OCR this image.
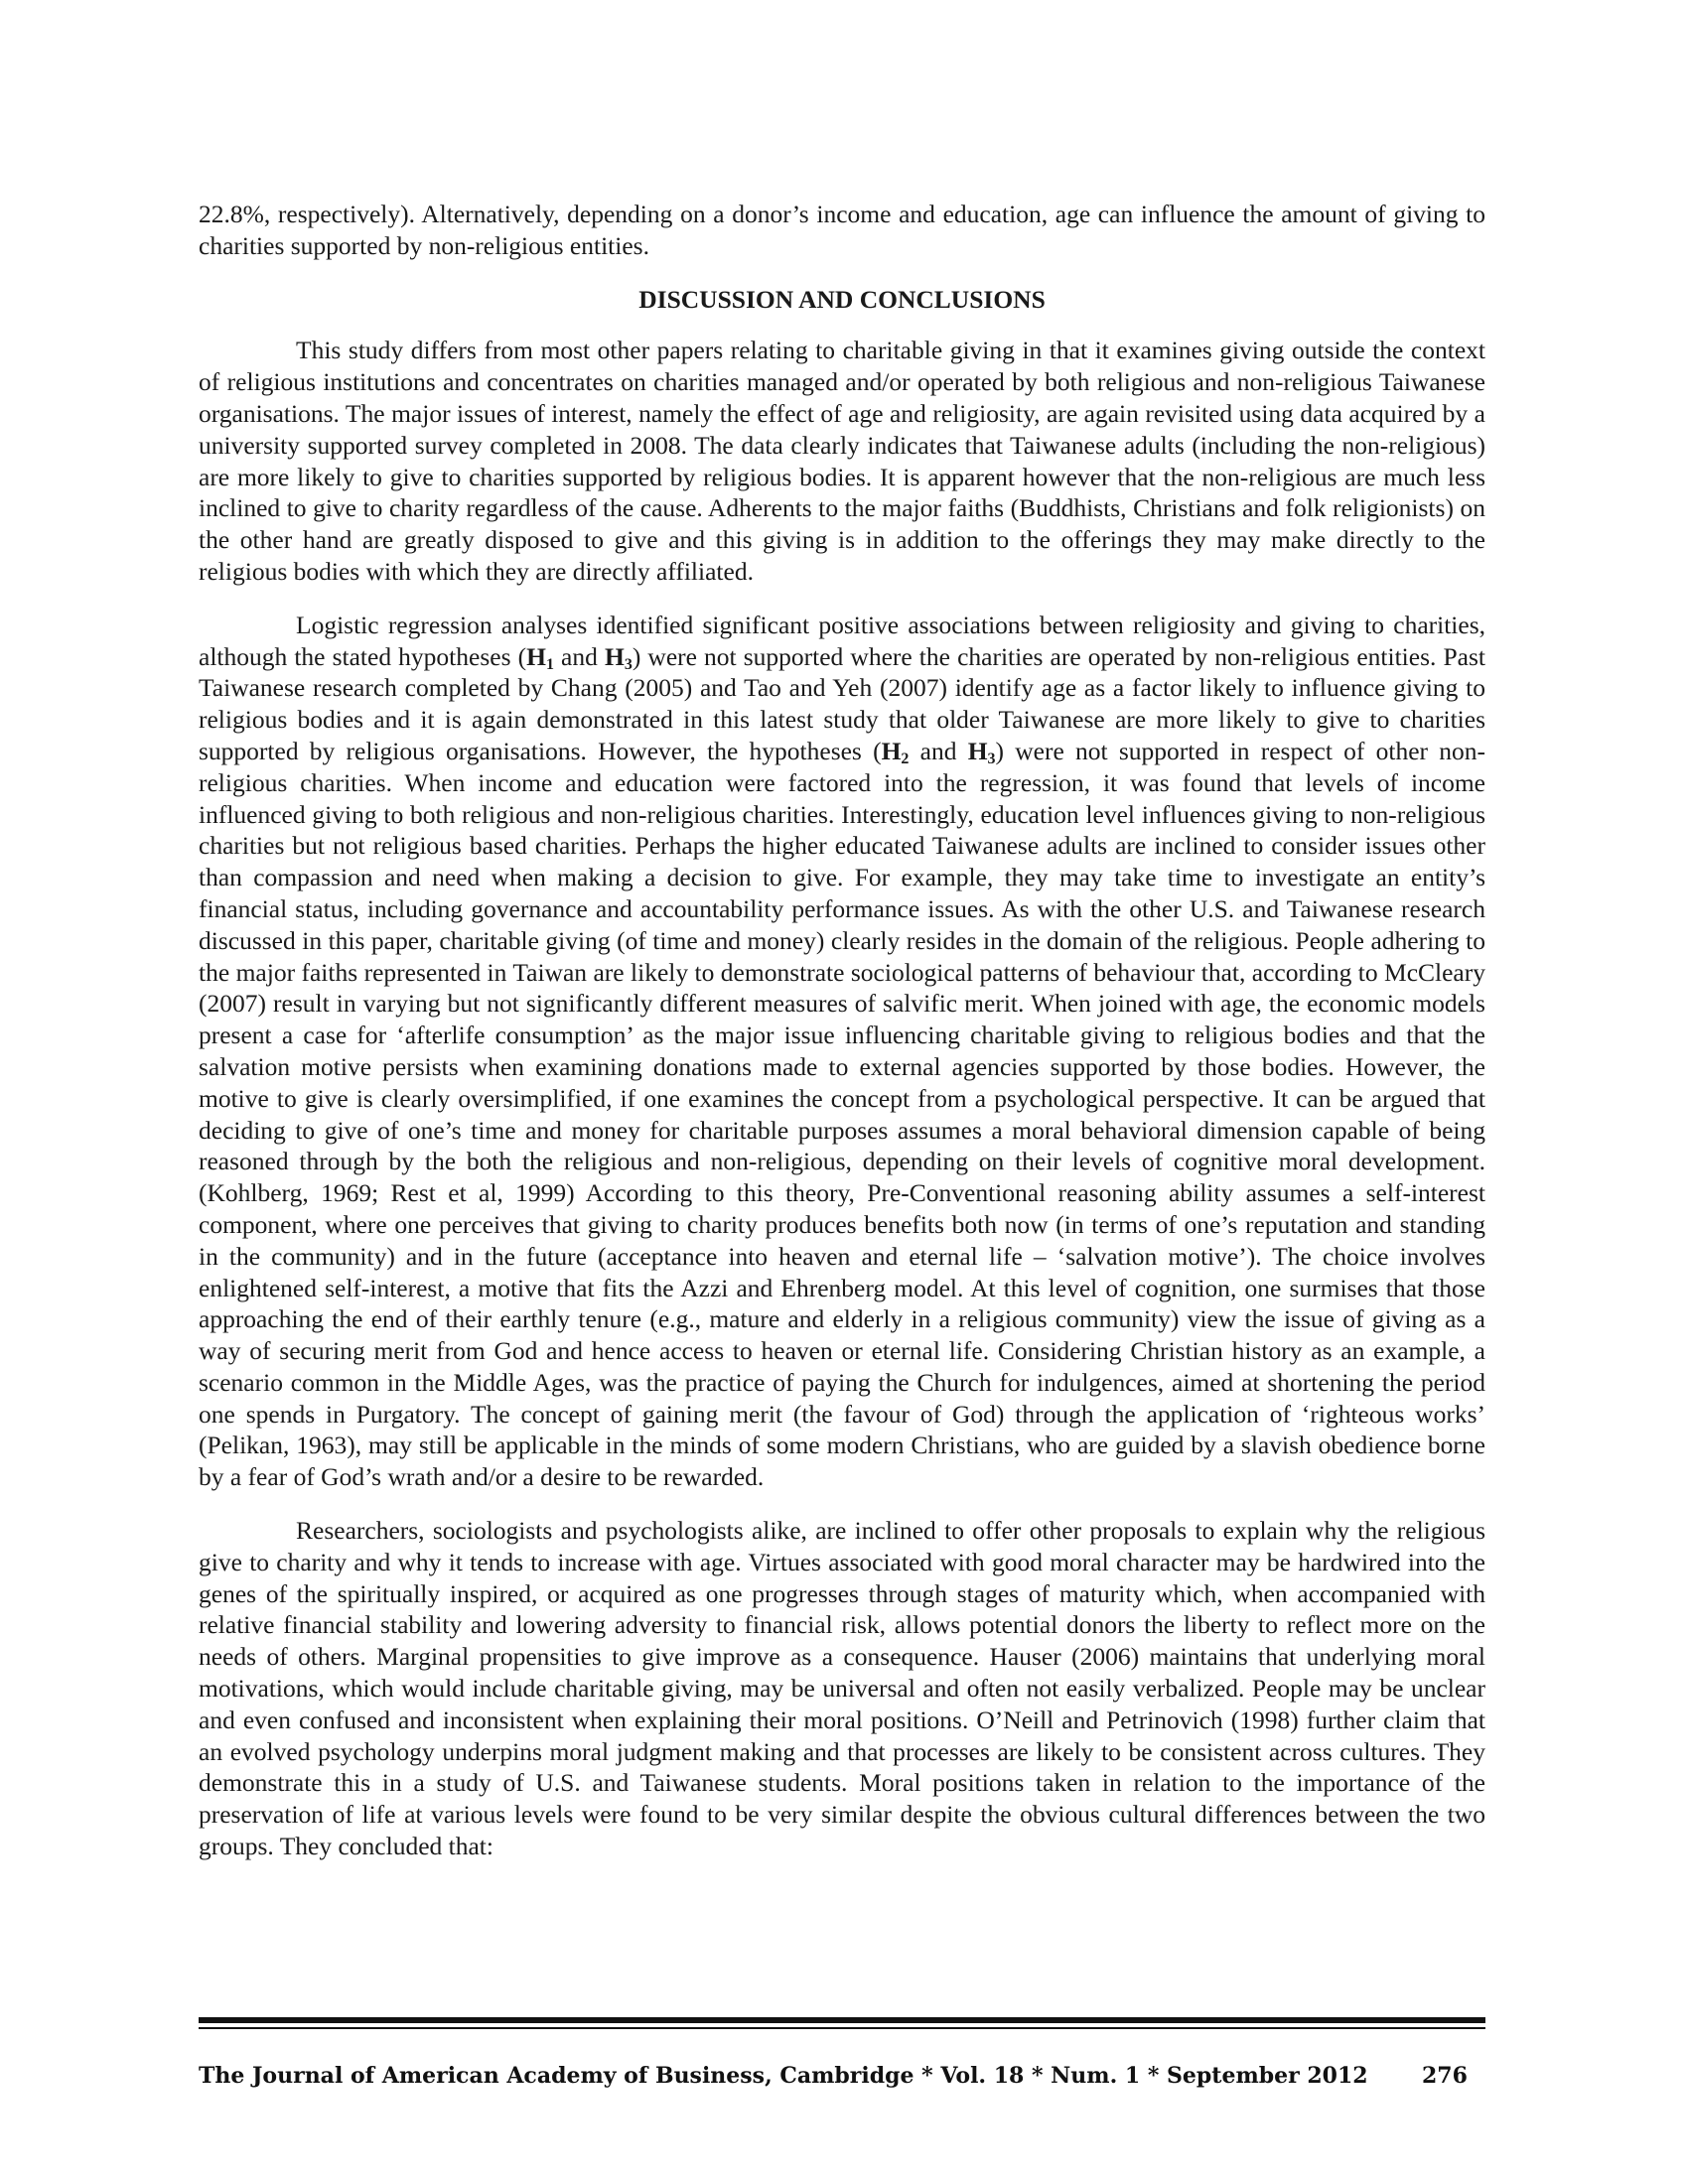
22.8%, respectively). Alternatively, depending on a donor’s income and education, age can influence the amount of giving to charities supported by non-religious entities.

DISCUSSION AND CONCLUSIONS

This study differs from most other papers relating to charitable giving in that it examines giving outside the context of religious institutions and concentrates on charities managed and/or operated by both religious and non-religious Taiwanese organisations. The major issues of interest, namely the effect of age and religiosity, are again revisited using data acquired by a university supported survey completed in 2008. The data clearly indicates that Taiwanese adults (including the non-religious) are more likely to give to charities supported by religious bodies. It is apparent however that the non-religious are much less inclined to give to charity regardless of the cause. Adherents to the major faiths (Buddhists, Christians and folk religionists) on the other hand are greatly disposed to give and this giving is in addition to the offerings they may make directly to the religious bodies with which they are directly affiliated.

Logistic regression analyses identified significant positive associations between religiosity and giving to charities, although the stated hypotheses ($H_1$ and $H_3$) were not supported where the charities are operated by non-religious entities. Past Taiwanese research completed by Chang (2005) and Tao and Yeh (2007) identify age as a factor likely to influence giving to religious bodies and it is again demonstrated in this latest study that older Taiwanese are more likely to give to charities supported by religious organisations. However, the hypotheses ($H_2$ and $H_3$) were not supported in respect of other non-religious charities. When income and education were factored into the regression, it was found that levels of income influenced giving to both religious and non-religious charities. Interestingly, education level influences giving to non-religious charities but not religious based charities. Perhaps the higher educated Taiwanese adults are inclined to consider issues other than compassion and need when making a decision to give. For example, they may take time to investigate an entity’s financial status, including governance and accountability performance issues. As with the other U.S. and Taiwanese research discussed in this paper, charitable giving (of time and money) clearly resides in the domain of the religious. People adhering to the major faiths represented in Taiwan are likely to demonstrate sociological patterns of behaviour that, according to McCleary (2007) result in varying but not significantly different measures of salvific merit. When joined with age, the economic models present a case for ‘afterlife consumption’ as the major issue influencing charitable giving to religious bodies and that the salvation motive persists when examining donations made to external agencies supported by those bodies. However, the motive to give is clearly oversimplified, if one examines the concept from a psychological perspective. It can be argued that deciding to give of one’s time and money for charitable purposes assumes a moral behavioral dimension capable of being reasoned through by the both the religious and non-religious, depending on their levels of cognitive moral development. (Kohlberg, 1969; Rest et al, 1999) According to this theory, Pre-Conventional reasoning ability assumes a self-interest component, where one perceives that giving to charity produces benefits both now (in terms of one’s reputation and standing in the community) and in the future (acceptance into heaven and eternal life – ‘salvation motive’). The choice involves enlightened self-interest, a motive that fits the Azzi and Ehrenberg model. At this level of cognition, one surmises that those approaching the end of their earthly tenure (e.g., mature and elderly in a religious community) view the issue of giving as a way of securing merit from God and hence access to heaven or eternal life. Considering Christian history as an example, a scenario common in the Middle Ages, was the practice of paying the Church for indulgences, aimed at shortening the period one spends in Purgatory. The concept of gaining merit (the favour of God) through the application of ‘righteous works’ (Pelikan, 1963), may still be applicable in the minds of some modern Christians, who are guided by a slavish obedience borne by a fear of God’s wrath and/or a desire to be rewarded.

Researchers, sociologists and psychologists alike, are inclined to offer other proposals to explain why the religious give to charity and why it tends to increase with age. Virtues associated with good moral character may be hardwired into the genes of the spiritually inspired, or acquired as one progresses through stages of maturity which, when accompanied with relative financial stability and lowering adversity to financial risk, allows potential donors the liberty to reflect more on the needs of others. Marginal propensities to give improve as a consequence. Hauser (2006) maintains that underlying moral motivations, which would include charitable giving, may be universal and often not easily verbalized. People may be unclear and even confused and inconsistent when explaining their moral positions. O’Neill and Petrinovich (1998) further claim that an evolved psychology underpins moral judgment making and that processes are likely to be consistent across cultures. They demonstrate this in a study of U.S. and Taiwanese students. Moral positions taken in relation to the importance of the preservation of life at various levels were found to be very similar despite the obvious cultural differences between the two groups. They concluded that:

The Journal of American Academy of Business, Cambridge * Vol. 18 * Num. 1 * September 2012 276
